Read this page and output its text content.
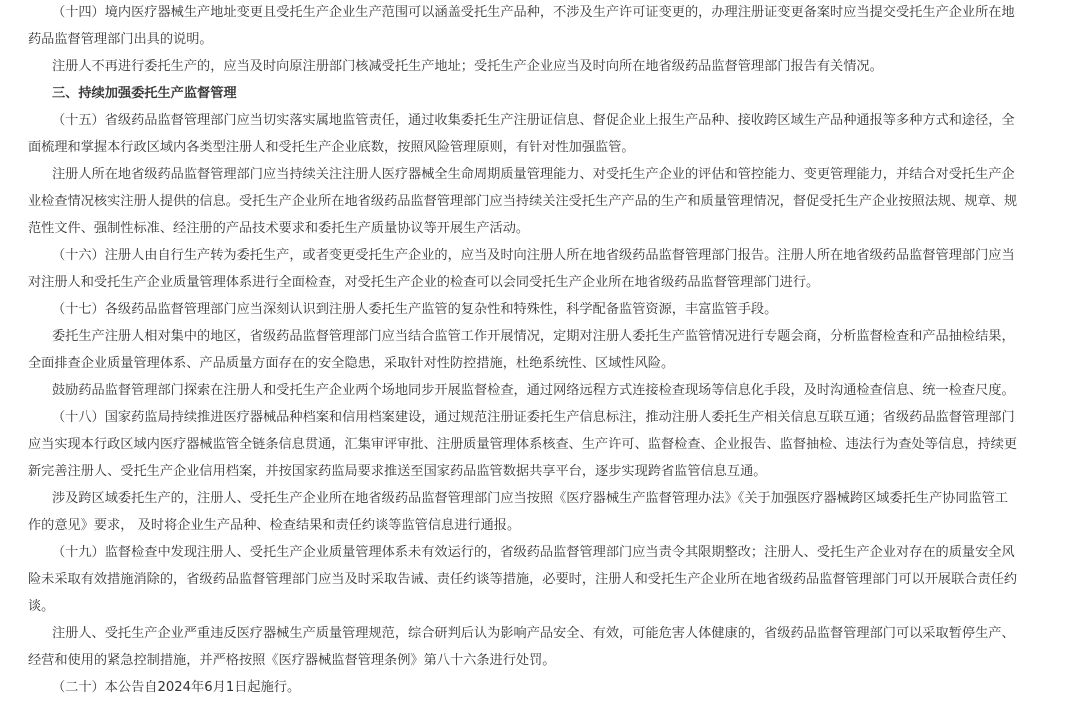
（十四）境内医疗器械生产地址变更且受托生产企业生产范围可以涵盖受托生产品种，不涉及生产许可证变更的，办理注册证变更备案时应当提交受托生产企业所在地
药品监督管理部门出具的说明。
注册人不再进行委托生产的，应当及时向原注册部门核减受托生产地址；受托生产企业应当及时向所在地省级药品监督管理部门报告有关情况。
三、持续加强委托生产监督管理
（十五）省级药品监督管理部门应当切实落实属地监管责任，通过收集委托生产注册证信息、督促企业上报生产品种、接收跨区域生产品种通报等多种方式和途径，全
面梳理和掌握本行政区域内各类型注册人和受托生产企业底数，按照风险管理原则，有针对性加强监管。
注册人所在地省级药品监督管理部门应当持续关注注册人医疗器械全生命周期质量管理能力、对受托生产企业的评估和管控能力、变更管理能力，并结合对受托生产企
业检查情况核实注册人提供的信息。受托生产企业所在地省级药品监督管理部门应当持续关注受托生产产品的生产和质量管理情况，督促受托生产企业按照法规、规章、规
范性文件、强制性标准、经注册的产品技术要求和委托生产质量协议等开展生产活动。
（十六）注册人由自行生产转为委托生产，或者变更受托生产企业的，应当及时向注册人所在地省级药品监督管理部门报告。注册人所在地省级药品监督管理部门应当
对注册人和受托生产企业质量管理体系进行全面检查，对受托生产企业的检查可以会同受托生产企业所在地省级药品监督管理部门进行。
（十七）各级药品监督管理部门应当深刻认识到注册人委托生产监管的复杂性和特殊性，科学配备监管资源，丰富监管手段。
委托生产注册人相对集中的地区，省级药品监督管理部门应当结合监管工作开展情况，定期对注册人委托生产监管情况进行专题会商，分析监督检查和产品抽检结果，
全面排查企业质量管理体系、产品质量方面存在的安全隐患，采取针对性防控措施，杜绝系统性、区域性风险。
鼓励药品监督管理部门探索在注册人和受托生产企业两个场地同步开展监督检查，通过网络远程方式连接检查现场等信息化手段，及时沟通检查信息、统一检查尺度。
（十八）国家药监局持续推进医疗器械品种档案和信用档案建设，通过规范注册证委托生产信息标注，推动注册人委托生产相关信息互联互通；省级药品监督管理部门
应当实现本行政区域内医疗器械监管全链条信息贯通，汇集审评审批、注册质量管理体系核查、生产许可、监督检查、企业报告、监督抽检、违法行为查处等信息，持续更
新完善注册人、受托生产企业信用档案，并按国家药监局要求推送至国家药品监管数据共享平台，逐步实现跨省监管信息互通。
涉及跨区域委托生产的，注册人、受托生产企业所在地省级药品监督管理部门应当按照《医疗器械生产监督管理办法》《关于加强医疗器械跨区域委托生产协同监管工
作的意见》要求， 及时将企业生产品种、检查结果和责任约谈等监管信息进行通报。
（十九）监督检查中发现注册人、受托生产企业质量管理体系未有效运行的，省级药品监督管理部门应当责令其限期整改；注册人、受托生产企业对存在的质量安全风
险未采取有效措施消除的，省级药品监督管理部门应当及时采取告诫、责任约谈等措施，必要时，注册人和受托生产企业所在地省级药品监督管理部门可以开展联合责任约
谈。
注册人、受托生产企业严重违反医疗器械生产质量管理规范，综合研判后认为影响产品安全、有效，可能危害人体健康的，省级药品监督管理部门可以采取暂停生产、
经营和使用的紧急控制措施，并严格按照《医疗器械监督管理条例》第八十六条进行处罚。
（二十）本公告自2024年6月1日起施行。
